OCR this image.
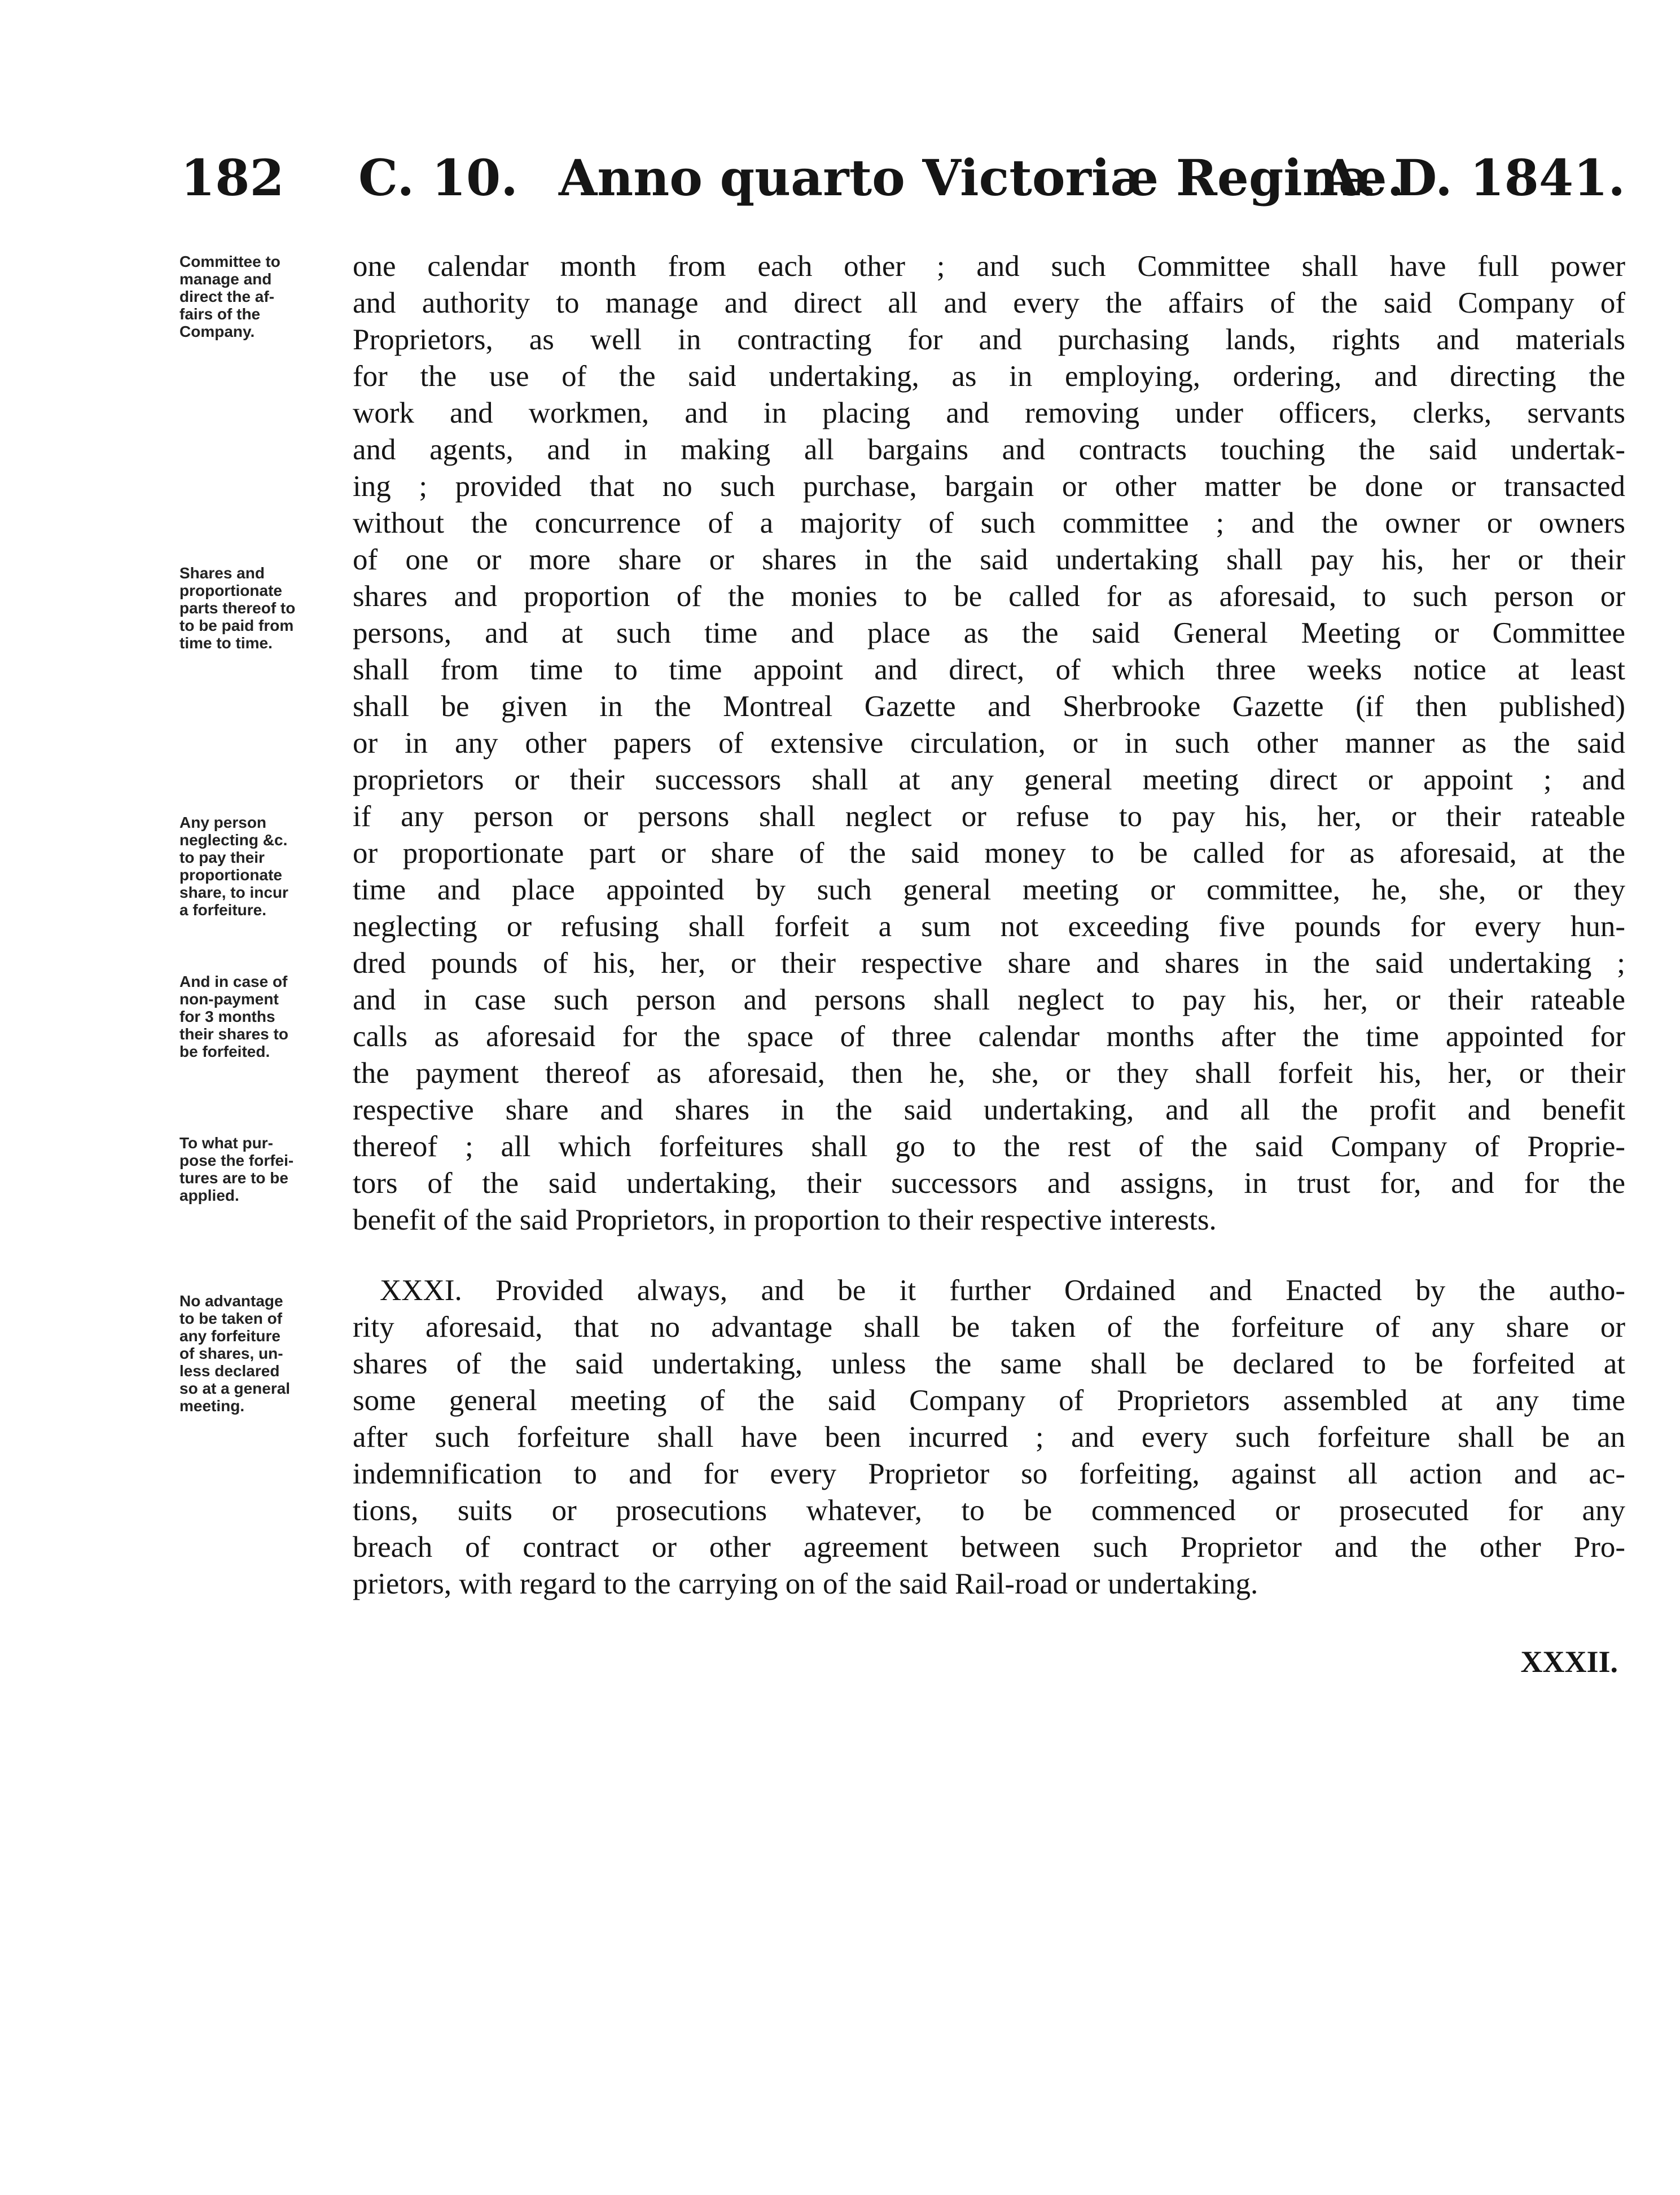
182 C. 10. Anno quarto Victoriæ Reginæ.
A. D. 1841.
Committee to
manage and
direct the af-
fairs of the
Company.
Shares and
proportionate
parts thereof to
to be paid from
time to time.
Any person
neglecting &c.
to pay their
proportionate
share, to incur
a forfeiture.
And in case of
non-payment
for 3 months
their shares to
be forfeited.
To what pur-
pose the forfei-
tures are to be
applied.
No advantage
to be taken of
any forfeiture
of shares, un-
less declared
so at a general
meeting.
one calendar month from each other ; and such Committee shall have full power
and authority to manage and direct all and every the affairs of the said Company of
Proprietors, as well in contracting for and purchasing lands, rights and materials
for the use of the said undertaking, as in employing, ordering, and directing the
work and workmen, and in placing and removing under officers, clerks, servants
and agents, and in making all bargains and contracts touching the said undertak-
ing ; provided that no such purchase, bargain or other matter be done or transacted
without the concurrence of a majority of such committee ; and the owner or owners
of one or more share or shares in the said undertaking shall pay his, her or their
shares and proportion of the monies to be called for as aforesaid, to such person or
persons, and at such time and place as the said General Meeting or Committee
shall from time to time appoint and direct, of which three weeks notice at least
shall be given in the Montreal Gazette and Sherbrooke Gazette (if then published)
or in any other papers of extensive circulation, or in such other manner as the said
proprietors or their successors shall at any general meeting direct or appoint ; and
if any person or persons shall neglect or refuse to pay his, her, or their rateable
or proportionate part or share of the said money to be called for as aforesaid, at the
time and place appointed by such general meeting or committee, he, she, or they
neglecting or refusing shall forfeit a sum not exceeding five pounds for every hun-
dred pounds of his, her, or their respective share and shares in the said undertaking ;
and in case such person and persons shall neglect to pay his, her, or their rateable
calls as aforesaid for the space of three calendar months after the time appointed for
the payment thereof as aforesaid, then he, she, or they shall forfeit his, her, or their
respective share and shares in the said undertaking, and all the profit and benefit
thereof ; all which forfeitures shall go to the rest of the said Company of Proprie-
tors of the said undertaking, their successors and assigns, in trust for, and for the
benefit of the said Proprietors, in proportion to their respective interests.
XXXI. Provided always, and be it further Ordained and Enacted by the autho-
rity aforesaid, that no advantage shall be taken of the forfeiture of any share or
shares of the said undertaking, unless the same shall be declared to be forfeited at
some general meeting of the said Company of Proprietors assembled at any time
after such forfeiture shall have been incurred ; and every such forfeiture shall be an
indemnification to and for every Proprietor so forfeiting, against all action and ac-
tions, suits or prosecutions whatever, to be commenced or prosecuted for any
breach of contract or other agreement between such Proprietor and the other Pro-
prietors, with regard to the carrying on of the said Rail-road or undertaking.
XXXII.
